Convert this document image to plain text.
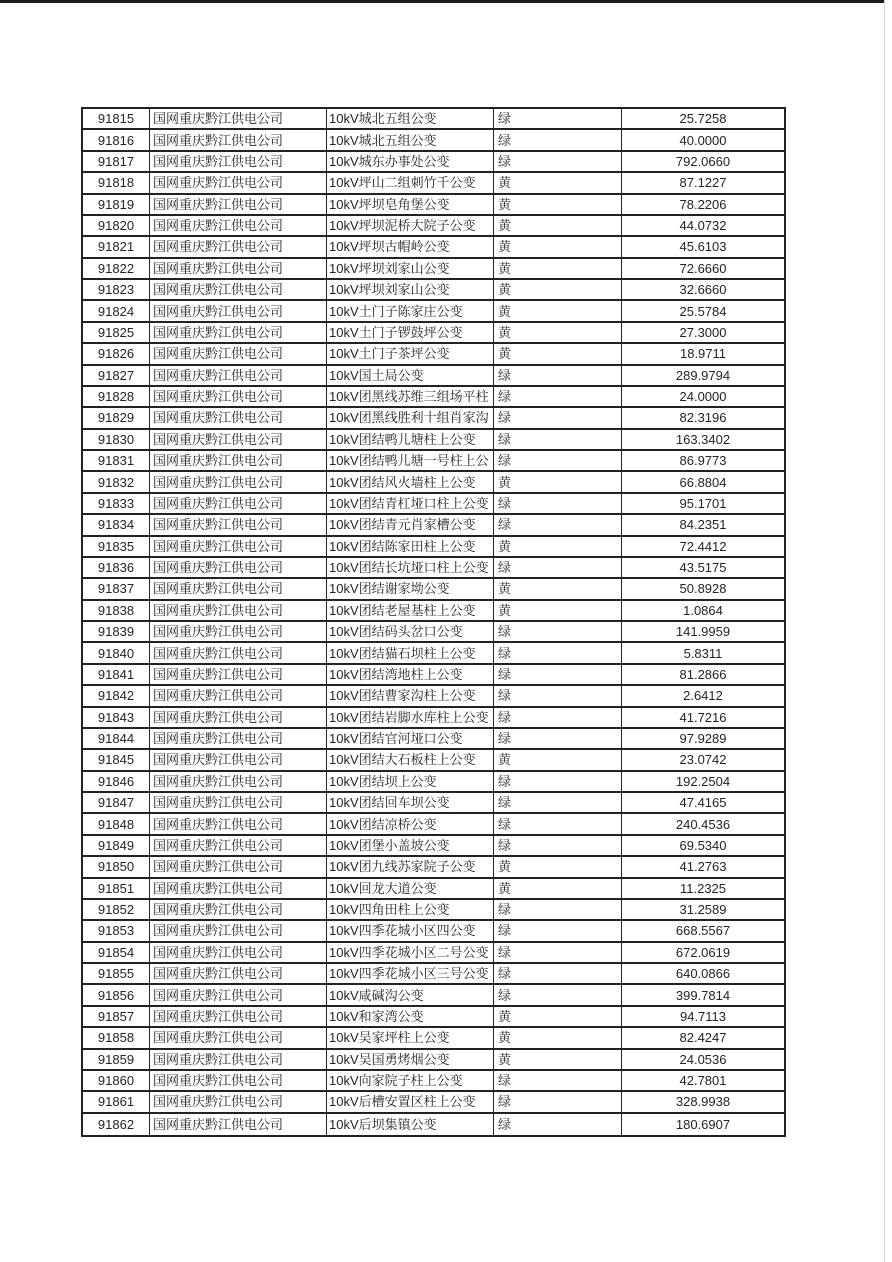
91815	国网重庆黔江供电公司	10kV城北五组公变	绿	25.7258
91816	国网重庆黔江供电公司	10kV城北五组公变	绿	40.0000
91817	国网重庆黔江供电公司	10kV城东办事处公变	绿	792.0660
91818	国网重庆黔江供电公司	10kV坪山二组刺竹千公变	黄	87.1227
91819	国网重庆黔江供电公司	10kV坪坝皂角堡公变	黄	78.2206
91820	国网重庆黔江供电公司	10kV坪坝泥桥大院子公变	黄	44.0732
91821	国网重庆黔江供电公司	10kV坪坝古帽岭公变	黄	45.6103
91822	国网重庆黔江供电公司	10kV坪坝刘家山公变	黄	72.6660
91823	国网重庆黔江供电公司	10kV坪坝刘家山公变	黄	32.6660
91824	国网重庆黔江供电公司	10kV土门子陈家庄公变	黄	25.5784
91825	国网重庆黔江供电公司	10kV土门子锣鼓坪公变	黄	27.3000
91826	国网重庆黔江供电公司	10kV土门子茶坪公变	黄	18.9711
91827	国网重庆黔江供电公司	10kV国土局公变	绿	289.9794
91828	国网重庆黔江供电公司	10kV团黑线苏维三组场平柱 绿	24.0000
91829	国网重庆黔江供电公司	10kV团黑线胜利十组肖家沟 绿	82.3196
91830	国网重庆黔江供电公司	10kV团结鸭儿塘柱上公变	绿	163.3402
91831	国网重庆黔江供电公司	10kV团结鸭儿塘一号柱上公 绿	86.9773
91832	国网重庆黔江供电公司	10kV团结风火墙柱上公变	黄	66.8804
91833	国网重庆黔江供电公司	10kV团结青杠垭口柱上公变 绿	95.1701
91834	国网重庆黔江供电公司	10kV团结青元肖家槽公变	绿	84.2351
91835	国网重庆黔江供电公司	10kV团结陈家田柱上公变	黄	72.4412
91836	国网重庆黔江供电公司	10kV团结长坑垭口柱上公变 绿	43.5175
91837	国网重庆黔江供电公司	10kV团结谢家坳公变	黄	50.8928
91838	国网重庆黔江供电公司	10kV团结老屋基柱上公变	黄	1.0864
91839	国网重庆黔江供电公司	10kV团结码头岔口公变	绿	141.9959
91840	国网重庆黔江供电公司	10kV团结猫石坝柱上公变	绿	5.8311
91841	国网重庆黔江供电公司	10kV团结湾地柱上公变	绿	81.2866
91842	国网重庆黔江供电公司	10kV团结曹家沟柱上公变	绿	2.6412
91843	国网重庆黔江供电公司	10kV团结岩脚水库柱上公变 绿	41.7216
91844	国网重庆黔江供电公司	10kV团结官河垭口公变	绿	97.9289
91845	国网重庆黔江供电公司	10kV团结大石板柱上公变	黄	23.0742
91846	国网重庆黔江供电公司	10kV团结坝上公变	绿	192.2504
91847	国网重庆黔江供电公司	10kV团结回车坝公变	绿	47.4165
91848	国网重庆黔江供电公司	10kV团结凉桥公变	绿	240.4536
91849	国网重庆黔江供电公司	10kV团堡小盖坡公变	绿	69.5340
91850	国网重庆黔江供电公司	10kV团九线苏家院子公变	黄	41.2763
91851	国网重庆黔江供电公司	10kV回龙大道公变	黄	11.2325
91852	国网重庆黔江供电公司	10kV四角田柱上公变	绿	31.2589
91853	国网重庆黔江供电公司	10kV四季花城小区四公变	绿	668.5567
91854	国网重庆黔江供电公司	10kV四季花城小区二号公变 绿	672.0619
91855	国网重庆黔江供电公司	10kV四季花城小区三号公变 绿	640.0866
91856	国网重庆黔江供电公司	10kV咸碱沟公变	绿	399.7814
91857	国网重庆黔江供电公司	10kV和家湾公变	黄	94.7113
91858	国网重庆黔江供电公司	10kV吴家坪柱上公变	黄	82.4247
91859	国网重庆黔江供电公司	10kV吴国勇烤烟公变	黄	24.0536
91860	国网重庆黔江供电公司	10kV向家院子柱上公变	绿	42.7801
91861	国网重庆黔江供电公司	10kV后槽安置区柱上公变	绿	328.9938
91862	国网重庆黔江供电公司	10kV后坝集镇公变	绿	180.6907
